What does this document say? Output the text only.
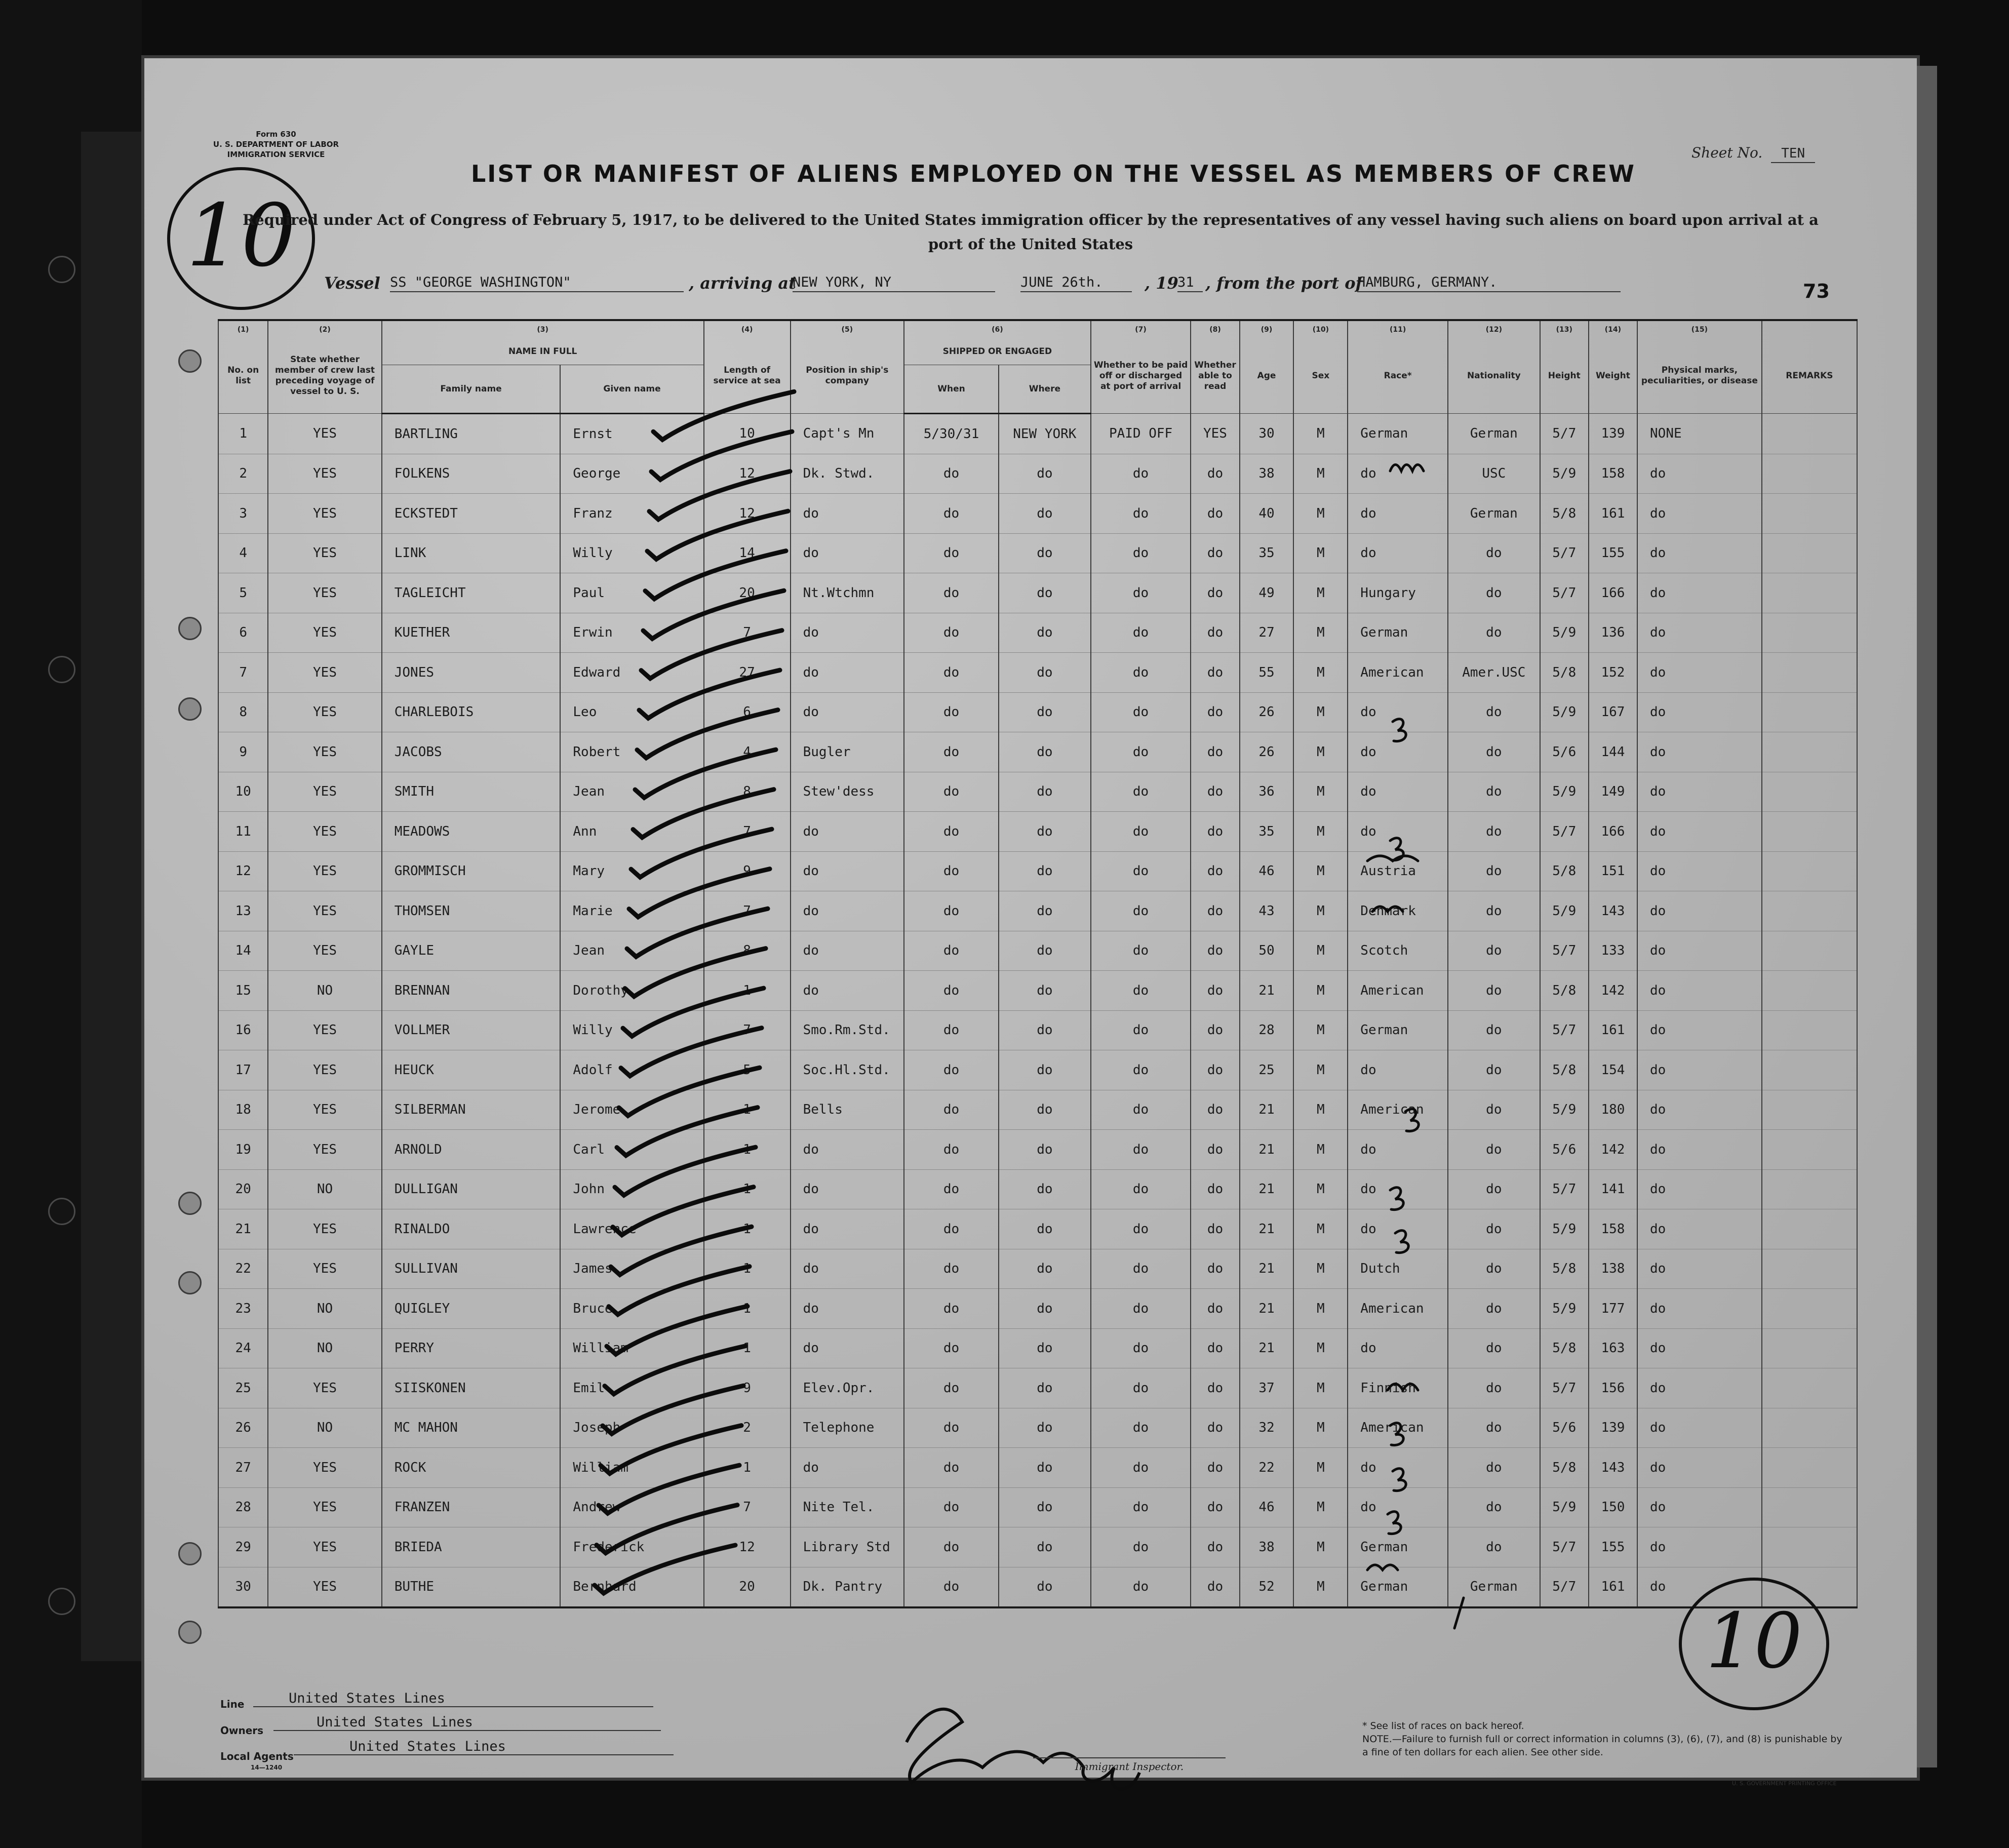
Form 630
U. S. DEPARTMENT OF LABOR
IMMIGRATION SERVICE
10
Sheet No. TEN
LIST OR MANIFEST OF ALIENS EMPLOYED ON THE VESSEL AS MEMBERS OF CREW
Required under Act of Congress of February 5, 1917, to be delivered to the United States immigration officer by the representatives of any vessel having such aliens on board upon arrival at a port of the United States
Vessel SS "GEORGE WASHINGTON"	, arriving at
NEW YORK, NY	JUNE 26th.	, 19
31 , from the port of
HAMBURG, GERMANY.	73
(1)	(2)	(3)		(4)	(5)	(6)		(7)	(8)	(9)	(10)	(11)	(12)	(13)	(14)	(15)	
No. on list	State whether member of crew last preceding voyage of vessel to U. S.	NAME IN FULL		Length of service at sea	Position in ship's company	SHIPPED OR ENGAGED		Whether to be paid off or discharged at port of arrival	Whether able to read	Age	Sex	Race*	Nationality	Height	Weight	Physical marks, peculiarities, or disease	REMARKS
		Family name	Given name			When	Where										
1	YES	BARTLING	Ernst	10	Capt's Mn	5/30/31	NEW YORK	PAID OFF	YES	30	M	German	German	5/7	139	NONE	
2	YES	FOLKENS	George	12	Dk. Stwd.	do	do	do	do	38	M	do	USC	5/9	158	do	
3	YES	ECKSTEDT	Franz	12	do	do	do	do	do	40	M	do	German	5/8	161	do	
4	YES	LINK	Willy	14	do	do	do	do	do	35	M	do	do	5/7	155	do	
5	YES	TAGLEICHT	Paul	20	Nt.Wtchmn	do	do	do	do	49	M	Hungary	do	5/7	166	do	
6	YES	KUETHER	Erwin	7	do	do	do	do	do	27	M	German	do	5/9	136	do	
7	YES	JONES	Edward	27	do	do	do	do	do	55	M	American	Amer.USC	5/8	152	do	
8	YES	CHARLEBOIS	Leo	6	do	do	do	do	do	26	M	do	do	5/9	167	do	
9	YES	JACOBS	Robert	4	Bugler	do	do	do	do	26	M	do	do	5/6	144	do	
10	YES	SMITH	Jean	8	Stew'dess	do	do	do	do	36	M	do	do	5/9	149	do	
11	YES	MEADOWS	Ann	7	do	do	do	do	do	35	M	do	do	5/7	166	do	
12	YES	GROMMISCH	Mary	9	do	do	do	do	do	46	M	Austria	do	5/8	151	do	
13	YES	THOMSEN	Marie	7	do	do	do	do	do	43	M	Denmark	do	5/9	143	do	
14	YES	GAYLE	Jean	8	do	do	do	do	do	50	M	Scotch	do	5/7	133	do	
15	NO	BRENNAN	Dorothy	1	do	do	do	do	do	21	M	American	do	5/8	142	do	
16	YES	VOLLMER	Willy	7	Smo.Rm.Std.	do	do	do	do	28	M	German	do	5/7	161	do	
17	YES	HEUCK	Adolf	5	Soc.Hl.Std.	do	do	do	do	25	M	do	do	5/8	154	do	
18	YES	SILBERMAN	Jerome	1	Bells	do	do	do	do	21	M	American	do	5/9	180	do	
19	YES	ARNOLD	Carl	1	do	do	do	do	do	21	M	do	do	5/6	142	do	
20	NO	DULLIGAN	John	1	do	do	do	do	do	21	M	do	do	5/7	141	do	
21	YES	RINALDO	Lawrence	1	do	do	do	do	do	21	M	do	do	5/9	158	do	
22	YES	SULLIVAN	James	1	do	do	do	do	do	21	M	Dutch	do	5/8	138	do	
23	NO	QUIGLEY	Bruce	1	do	do	do	do	do	21	M	American	do	5/9	177	do	
24	NO	PERRY	William	1	do	do	do	do	do	21	M	do	do	5/8	163	do	
25	YES	SIISKONEN	Emil	9	Elev.Opr.	do	do	do	do	37	M	Finnish	do	5/7	156	do	
26	NO	MC MAHON	Joseph	2	Telephone	do	do	do	do	32	M	American	do	5/6	139	do	
27	YES	ROCK	William	1	do	do	do	do	do	22	M	do	do	5/8	143	do	
28	YES	FRANZEN	Andrew	7	Nite Tel.	do	do	do	do	46	M	do	do	5/9	150	do	
29	YES	BRIEDA	Frederick	12	Library Std	do	do	do	do	38	M	German	do	5/7	155	do	
30	YES	BUTHE	Bernhard	20	Dk. Pantry	do	do	do	do	52	M	German	German	5/7	161	do	
10
Line	United States Lines
Owners
United States Lines
Local Agents
United States Lines
14—1240	Immigrant Inspector.
* See list of races on back hereof.
NOTE.—Failure to furnish full or correct information in columns (3), (6), (7), and (8) is punishable by a fine of ten dollars for each alien. See other side.
U. S. GOVERNMENT PRINTING OFFICE
